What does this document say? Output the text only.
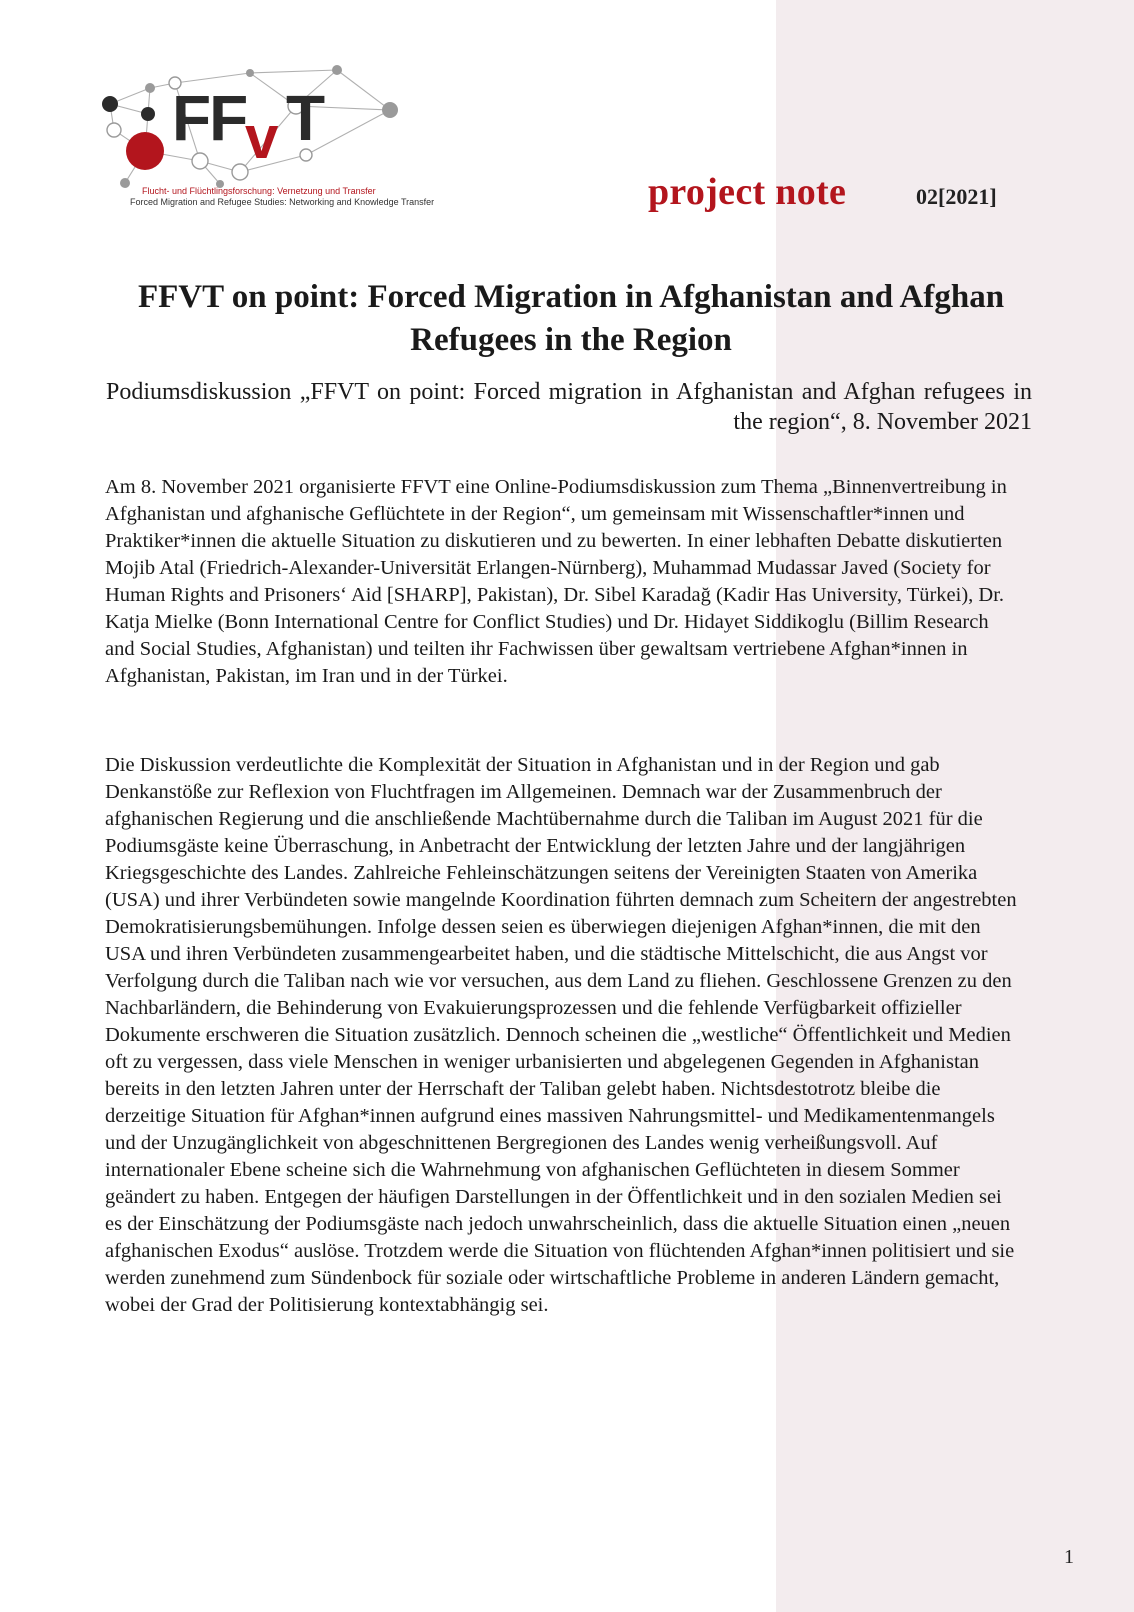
FF
v T
Flucht- und Flüchtlingsforschung: Vernetzung und Transfer
Forced Migration and Refugee Studies: Networking and Knowledge Transfer	project note	02[2021]
FFVT on point: Forced Migration in Afghanistan and Afghan Refugees in the Region
Podiumsdiskussion „FFVT on point: Forced migration in Afghanistan and Afghan refugees in the region“, 8. November 2021

Am 8. November 2021 organisierte FFVT eine Online-Podiumsdiskussion zum Thema „Binnenvertreibung in Afghanistan und afghanische Geflüchtete in der Region“, um gemeinsam mit Wissenschaftler*innen und Praktiker*innen die aktuelle Situation zu diskutieren und zu bewerten. In einer lebhaften Debatte diskutierten Mojib Atal (Friedrich-Alexander-Universität Erlangen-Nürnberg), Muhammad Mudassar Javed (Society for Human Rights and Prisoners‘ Aid [SHARP], Pakistan), Dr. Sibel Karadağ (Kadir Has University, Türkei), Dr. Katja Mielke (Bonn International Centre for Conflict Studies) und Dr. Hidayet Siddikoglu (Billim Research and Social Studies, Afghanistan) und teilten ihr Fachwissen über gewaltsam vertriebene Afghan*innen in Afghanistan, Pakistan, im Iran und in der Türkei.

Die Diskussion verdeutlichte die Komplexität der Situation in Afghanistan und in der Region und gab Denkanstöße zur Reflexion von Fluchtfragen im Allgemeinen. Demnach war der Zusammenbruch der afghanischen Regierung und die anschließende Machtübernahme durch die Taliban im August 2021 für die Podiumsgäste keine Überraschung, in Anbetracht der Entwicklung der letzten Jahre und der langjährigen Kriegsgeschichte des Landes. Zahlreiche Fehleinschätzungen seitens der Vereinigten Staaten von Amerika (USA) und ihrer Verbündeten sowie mangelnde Koordination führten demnach zum Scheitern der angestrebten Demokratisierungsbemühungen. Infolge dessen seien es überwiegen diejenigen Afghan*innen, die mit den USA und ihren Verbündeten zusammengearbeitet haben, und die städtische Mittelschicht, die aus Angst vor Verfolgung durch die Taliban nach wie vor versuchen, aus dem Land zu fliehen. Geschlossene Grenzen zu den Nachbarländern, die Behinderung von Evakuierungsprozessen und die fehlende Verfügbarkeit offizieller Dokumente erschweren die Situation zusätzlich. Dennoch scheinen die „westliche“ Öffentlichkeit und Medien oft zu vergessen, dass viele Menschen in weniger urbanisierten und abgelegenen Gegenden in Afghanistan bereits in den letzten Jahren unter der Herrschaft der Taliban gelebt haben. Nichtsdestotrotz bleibe die derzeitige Situation für Afghan*innen aufgrund eines massiven Nahrungsmittel- und Medikamentenmangels und der Unzugänglichkeit von abgeschnittenen Bergregionen des Landes wenig verheißungsvoll. Auf internationaler Ebene scheine sich die Wahrnehmung von afghanischen Geflüchteten in diesem Sommer geändert zu haben. Entgegen der häufigen Darstellungen in der Öffentlichkeit und in den sozialen Medien sei es der Einschätzung der Podiumsgäste nach jedoch unwahrscheinlich, dass die aktuelle Situation einen „neuen afghanischen Exodus“ auslöse. Trotzdem werde die Situation von flüchtenden Afghan*innen politisiert und sie werden zunehmend zum Sündenbock für soziale oder wirtschaftliche Probleme in anderen Ländern gemacht, wobei der Grad der Politisierung kontextabhängig sei.

1
